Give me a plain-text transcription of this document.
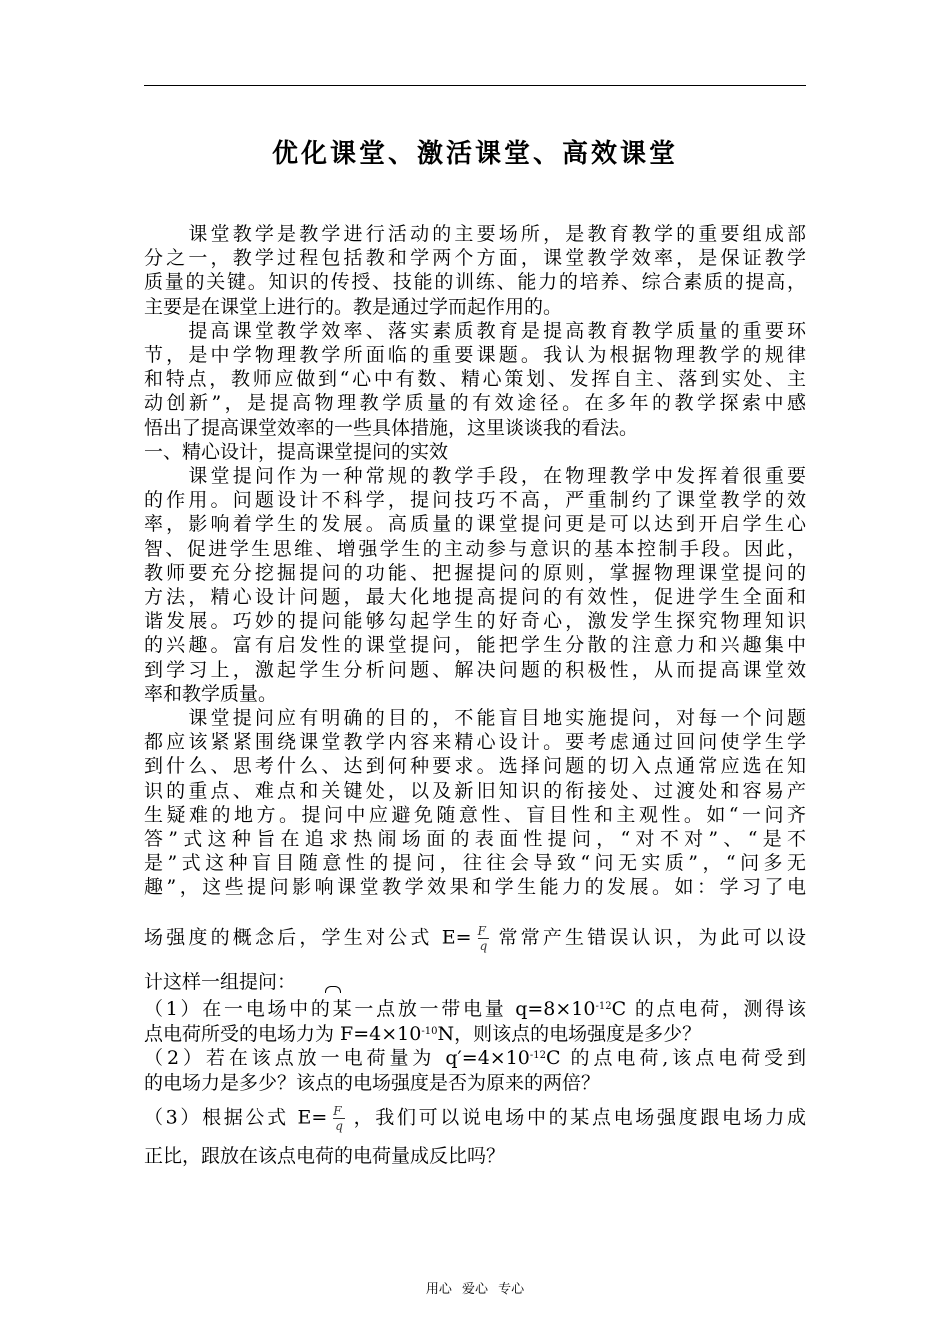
优化课堂、激活课堂、高效课堂
　　课堂教学是教学进行活动的主要场所，是教育教学的重要组成部
分之一，教学过程包括教和学两个方面，课堂教学效率，是保证教学
质量的关键。知识的传授、技能的训练、能力的培养、综合素质的提高，
主要是在课堂上进行的。教是通过学而起作用的。
　　提高课堂教学效率、落实素质教育是提高教育教学质量的重要环
节，是中学物理教学所面临的重要课题。我认为根据物理教学的规律
和特点，教师应做到“心中有数、精心策划、发挥自主、落到实处、主
动创新”，是提高物理教学质量的有效途径。在多年的教学探索中感
悟出了提高课堂效率的一些具体措施，这里谈谈我的看法。
一、精心设计，提高课堂提问的实效
　　课堂提问作为一种常规的教学手段，在物理教学中发挥着很重要
的作用。问题设计不科学，提问技巧不高，严重制约了课堂教学的效
率，影响着学生的发展。高质量的课堂提问更是可以达到开启学生心
智、促进学生思维、增强学生的主动参与意识的基本控制手段。因此，
教师要充分挖掘提问的功能、把握提问的原则，掌握物理课堂提问的
方法，精心设计问题，最大化地提高提问的有效性，促进学生全面和
谐发展。巧妙的提问能够勾起学生的好奇心，激发学生探究物理知识
的兴趣。富有启发性的课堂提问，能把学生分散的注意力和兴趣集中
到学习上，激起学生分析问题、解决问题的积极性，从而提高课堂效
率和教学质量。
　　课堂提问应有明确的目的，不能盲目地实施提问，对每一个问题
都应该紧紧围绕课堂教学内容来精心设计。要考虑通过回问使学生学
到什么、思考什么、达到何种要求。选择问题的切入点通常应选在知
识的重点、难点和关键处，以及新旧知识的衔接处、过渡处和容易产
生疑难的地方。提问中应避免随意性、盲目性和主观性。如“一问齐
答”式这种旨在追求热闹场面的表面性提问，“对不对”、“是不
是”式这种盲目随意性的提问，往往会导致“问无实质”，“问多无
趣”，这些提问影响课堂教学效果和学生能力的发展。如：学习了电
场强度的概念后，学生对公式 $E= \frac{F}{q}$ 常常产生错误认识，为此可以设
计这样一组提问：
（1）在一电场中的某一点放一带电量 $q=8\times 10^{-12}C$ 的点电荷，测得该
点电荷所受的电场力为 $F=4\times 10^{-10}N$，则该点的电场强度是多少？
（2）若在该点放一电荷量为 $q'=4\times 10^{-12}C$ 的点电荷,该点电荷受到
的电场力是多少？该点的电场强度是否为原来的两倍？
（3）根据公式 $E= \frac{F}{q}$ ，我们可以说电场中的某点电场强度跟电场力成
正比，跟放在该点电荷的电荷量成反比吗？
用心 爱心 专心
